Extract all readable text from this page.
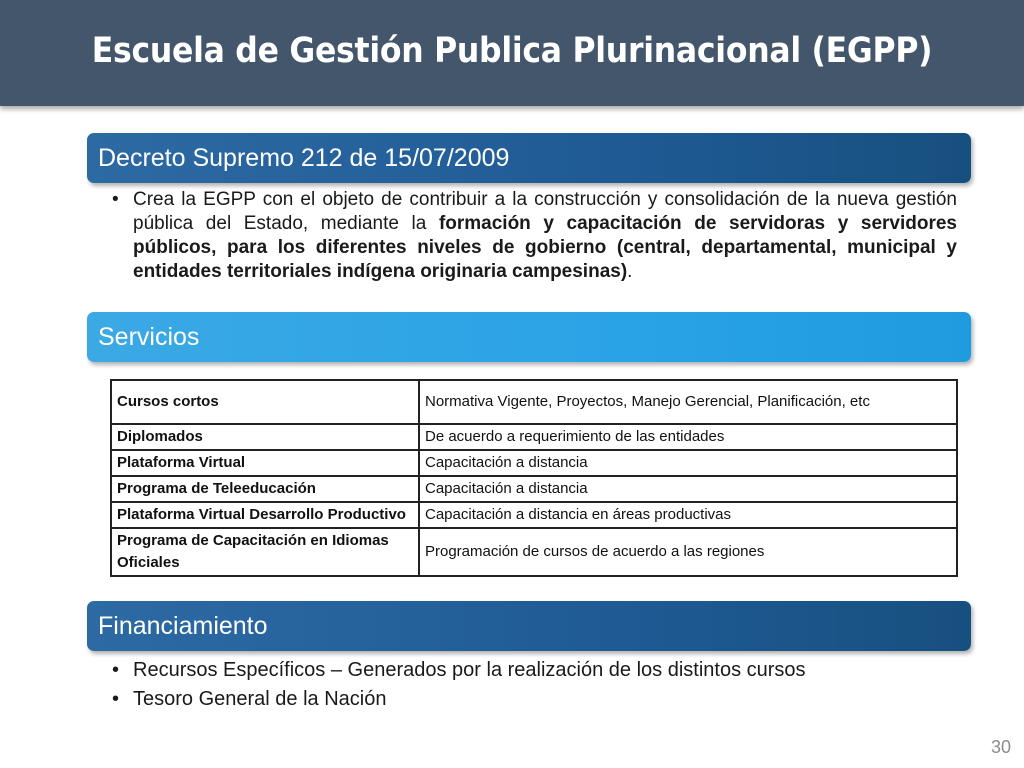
Escuela de Gestión Publica Plurinacional (EGPP)
Decreto Supremo 212 de 15/07/2009
• Crea la EGPP con el objeto de contribuir a la construcción y consolidación de la nueva gestión pública del Estado, mediante la formación y capacitación de servidoras y servidores públicos, para los diferentes niveles de gobierno (central, departamental, municipal y entidades territoriales indígena originaria campesinas).
Servicios
Cursos cortos	Normativa Vigente, Proyectos, Manejo Gerencial, Planificación, etc
Diplomados	De acuerdo a requerimiento de las entidades
Plataforma Virtual	Capacitación a distancia
Programa de Teleeducación	Capacitación a distancia
Plataforma Virtual Desarrollo Productivo	Capacitación a distancia en áreas productivas
Programa de Capacitación en Idiomas Oficiales	Programación de cursos de acuerdo a las regiones
Financiamiento
• Recursos Específicos – Generados por la realización de los distintos cursos
• Tesoro General de la Nación
30
